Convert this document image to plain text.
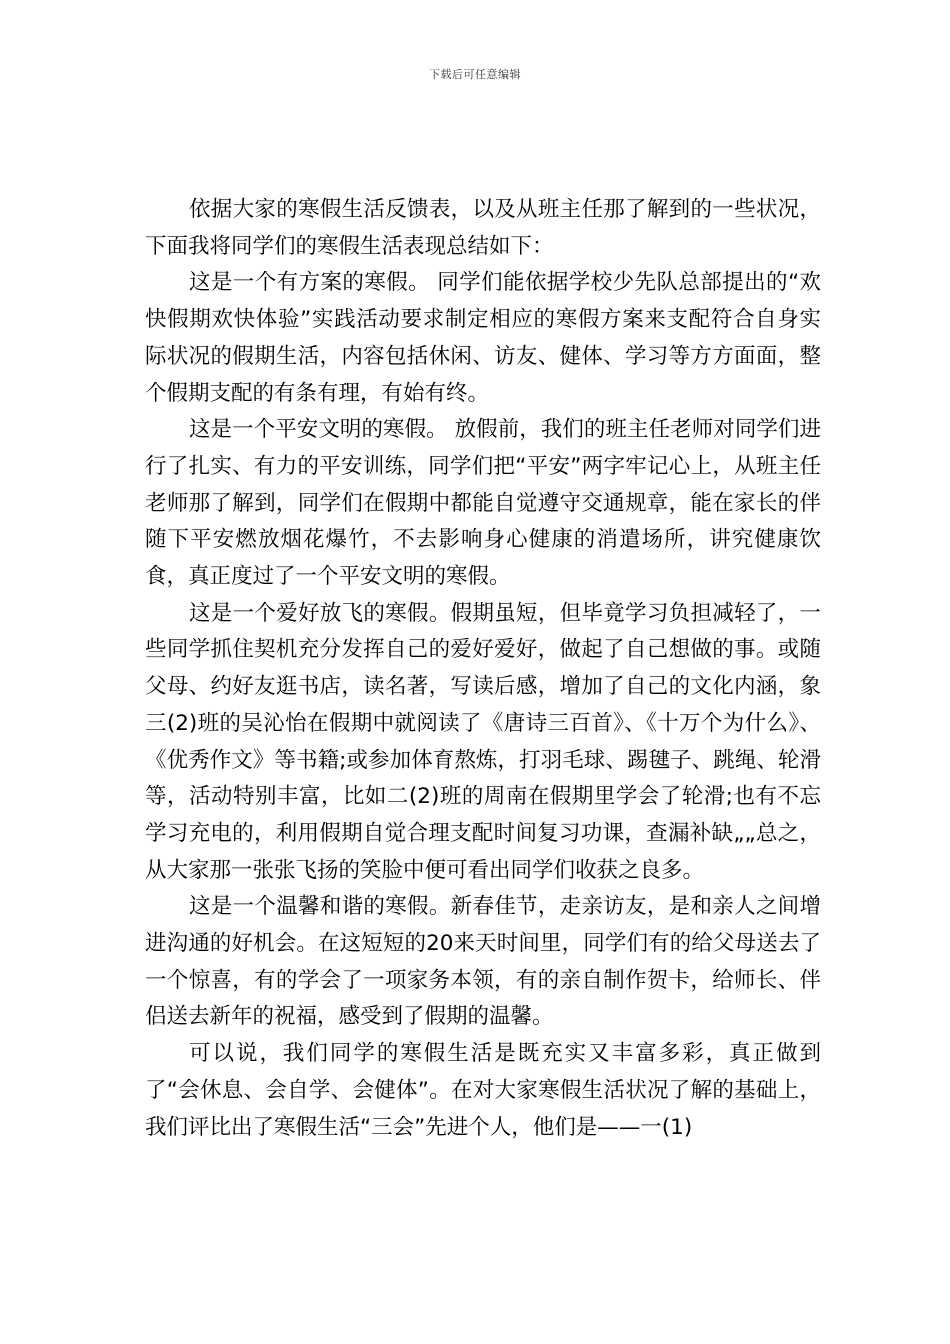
下载后可任意编辑

依据大家的寒假生活反馈表，以及从班主任那了解到的一些状况，下面我将同学们的寒假生活表现总结如下：

这是一个有方案的寒假。 同学们能依据学校少先队总部提出的“欢快假期欢快体验”实践活动要求制定相应的寒假方案来支配符合自身实际状况的假期生活，内容包括休闲、访友、健体、学习等方方面面，整个假期支配的有条有理，有始有终。

这是一个平安文明的寒假。 放假前，我们的班主任老师对同学们进行了扎实、有力的平安训练，同学们把“平安”两字牢记心上，从班主任老师那了解到，同学们在假期中都能自觉遵守交通规章，能在家长的伴随下平安燃放烟花爆竹，不去影响身心健康的消遣场所，讲究健康饮食，真正度过了一个平安文明的寒假。

这是一个爱好放飞的寒假。假期虽短，但毕竟学习负担减轻了，一些同学抓住契机充分发挥自己的爱好爱好，做起了自己想做的事。或随父母、约好友逛书店，读名著，写读后感，增加了自己的文化内涵，象三(2)班的吴沁怡在假期中就阅读了《唐诗三百首》、《十万个为什么》、《优秀作文》等书籍;或参加体育熬炼，打羽毛球、踢毽子、跳绳、轮滑等，活动特别丰富，比如二(2)班的周南在假期里学会了轮滑;也有不忘学习充电的，利用假期自觉合理支配时间复习功课，查漏补缺„„总之，从大家那一张张飞扬的笑脸中便可看出同学们收获之良多。

这是一个温馨和谐的寒假。新春佳节，走亲访友，是和亲人之间增进沟通的好机会。在这短短的20来天时间里，同学们有的给父母送去了一个惊喜，有的学会了一项家务本领，有的亲自制作贺卡，给师长、伴侣送去新年的祝福，感受到了假期的温馨。

可以说，我们同学的寒假生活是既充实又丰富多彩，真正做到了“会休息、会自学、会健体”。在对大家寒假生活状况了解的基础上，我们评比出了寒假生活“三会”先进个人，他们是——一(1)
